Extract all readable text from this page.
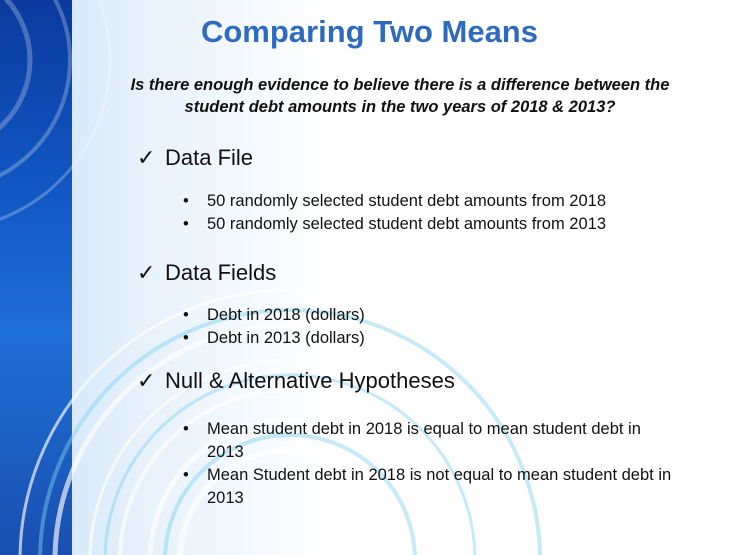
Comparing Two Means
Is there enough evidence to believe there is a difference between the student debt amounts in the two years of 2018 & 2013?
✓ Data File
• 50 randomly selected student debt amounts from 2018
• 50 randomly selected student debt amounts from 2013
✓ Data Fields
• Debt in 2018 (dollars)
• Debt in 2013 (dollars)
✓ Null & Alternative Hypotheses
• Mean student debt in 2018 is equal to mean student debt in 2013
• Mean Student debt in 2018 is not equal to mean student debt in 2013
